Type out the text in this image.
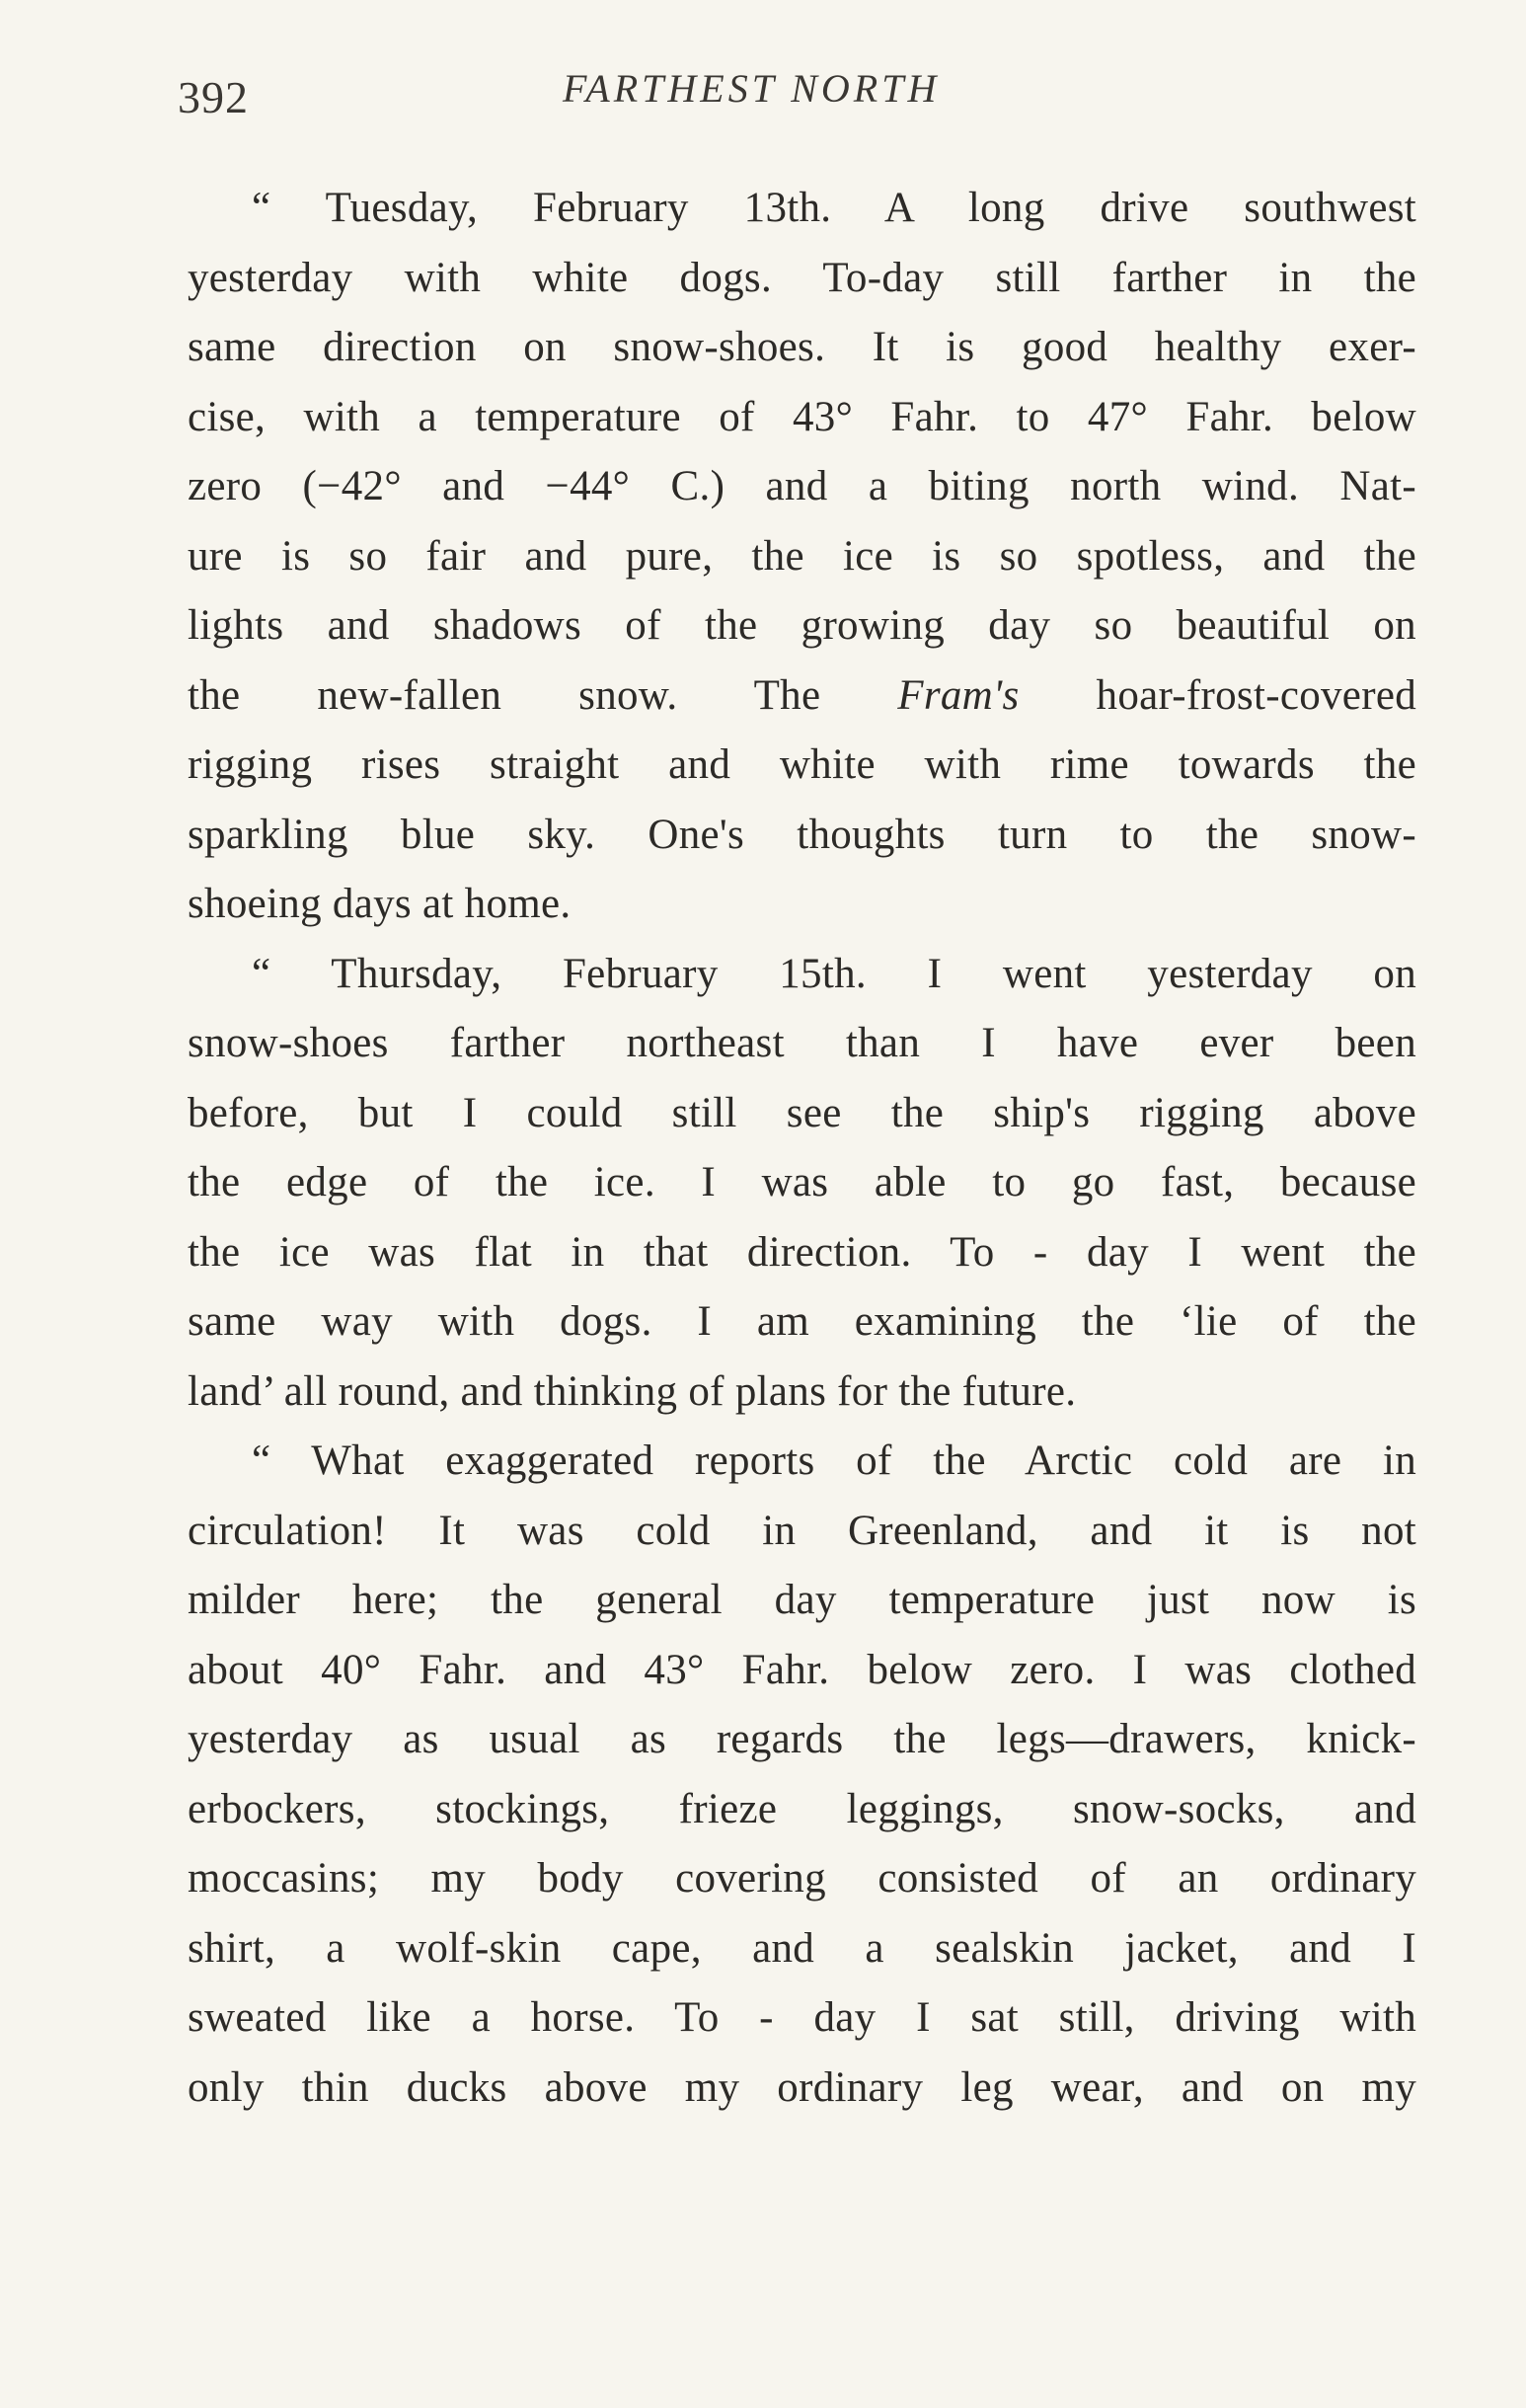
392	FARTHEST NORTH
“ Tuesday, February 13th. A long drive southwest
yesterday with white dogs. To-day still farther in the
same direction on snow-shoes. It is good healthy exer-
cise, with a temperature of 43° Fahr. to 47° Fahr. below
zero (−42° and −44° C.) and a biting north wind. Nat-
ure is so fair and pure, the ice is so spotless, and the
lights and shadows of the growing day so beautiful on
the new-fallen snow. The Fram's hoar-frost-covered
rigging rises straight and white with rime towards the
sparkling blue sky. One's thoughts turn to the snow-
shoeing days at home.
“ Thursday, February 15th. I went yesterday on
snow-shoes farther northeast than I have ever been
before, but I could still see the ship's rigging above
the edge of the ice. I was able to go fast, because
the ice was flat in that direction. To - day I went the
same way with dogs. I am examining the ‘lie of the
land’ all round, and thinking of plans for the future.
“ What exaggerated reports of the Arctic cold are in
circulation! It was cold in Greenland, and it is not
milder here; the general day temperature just now is
about 40° Fahr. and 43° Fahr. below zero. I was clothed
yesterday as usual as regards the legs—drawers, knick-
erbockers, stockings, frieze leggings, snow-socks, and
moccasins; my body covering consisted of an ordinary
shirt, a wolf-skin cape, and a sealskin jacket, and I
sweated like a horse. To - day I sat still, driving with
only thin ducks above my ordinary leg wear, and on my
